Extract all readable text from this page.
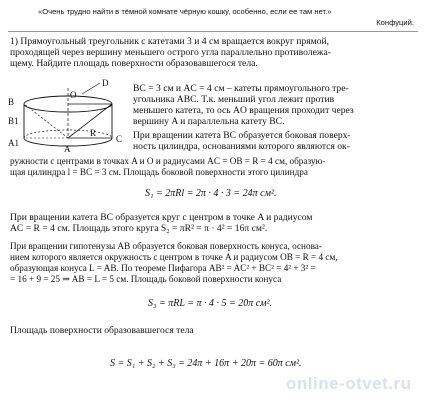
«Очень трудно найти в тёмной комнате чёрную кошку, особенно, если ее там нет.»
Конфуций.
1) Прямоугольный треугольник с катетами 3 и 4 см вращается вокруг прямой,
проходящей через вершину меньшего острого угла параллельно противолежа-
щему. Найдите площадь поверхности образовавшегося тела.
B
B1
A1
A
C
D
O
R
BC = 3 см и AC = 4 см – катеты прямоугольного тре-
угольника ABC. Т.к. меньший угол лежит против
меньшего катета, то ось AO вращения проходит через
вершину A и параллельна катету BC.
При вращении катета BC образуется боковая поверх-
ность цилиндра, основаниями которого являются ок-
ружности с центрами в точках A и O и радиусами AC = OB = R = 4 см, образую-
щая цилиндра l = BC = 3 см. Площадь боковой поверхности этого цилиндра
S₁ = 2πRl = 2π · 4 · 3 = 24π см².
При вращении катета BC образуется круг с центром в точке A и радиусом
AC = R = 4 см. Площадь этого круга S₂ = πR² = π · 4² = 16π см².
При вращении гипотенузы AB образуется боковая поверхность конуса, основа-
нием которого является окружность с центром в точке A и радиусом OB = R = 4 см,
образующая конуса L = AB. По теореме Пифагора AB² = AC² + BC² = 4² + 3² =
= 16 + 9 = 25 ⇒ AB = L = 5 см. Площадь боковой поверхности конуса
S₃ = πRL = π · 4 · 5 = 20π см².
Площадь поверхности образовавшегося тела
S = S₁ + S₂ + S₃ = 24π + 16π + 20π = 60π см².
online-otvet.ru
